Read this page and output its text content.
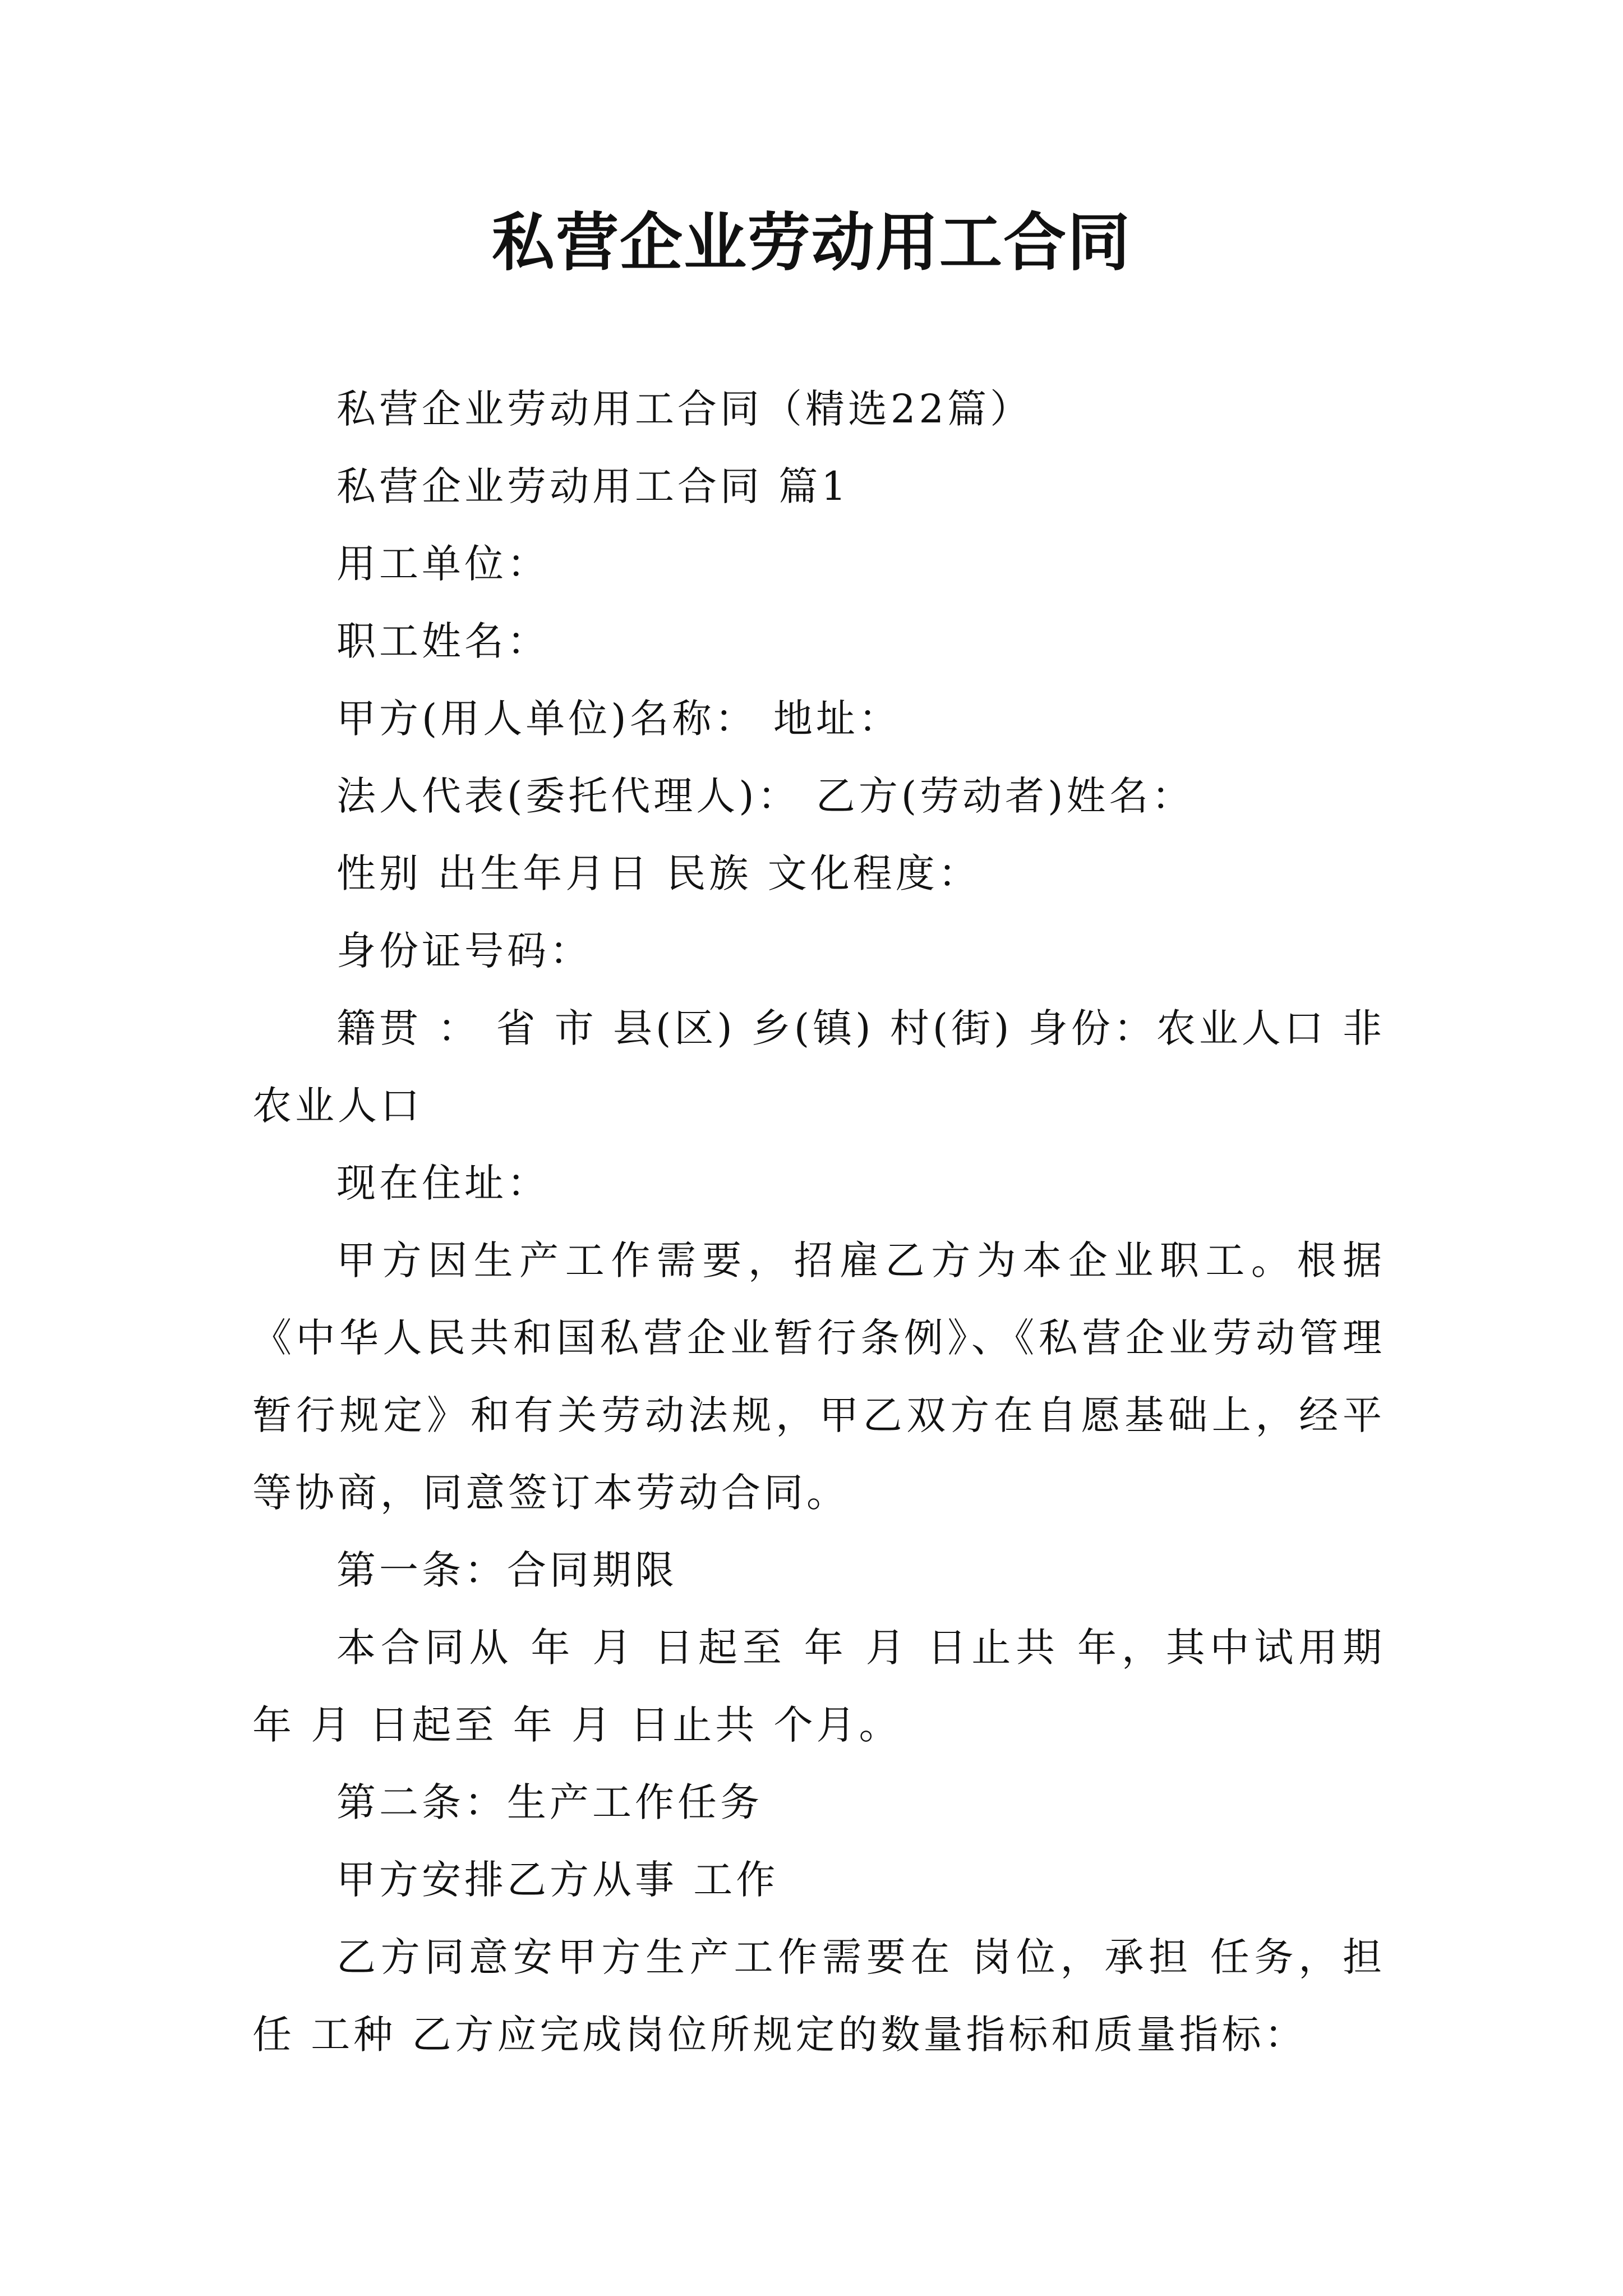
私营企业劳动用工合同

私营企业劳动用工合同（精选22篇）

私营企业劳动用工合同 篇1

用工单位：

职工姓名：

甲方(用人单位)名称： 地址：

法人代表(委托代理人)： 乙方(劳动者)姓名：

性别 出生年月日 民族 文化程度：

身份证号码：

籍贯 ： 省 市 县(区) 乡(镇) 村(街) 身份：农业人口 非农业人口

现在住址：

甲方因生产工作需要，招雇乙方为本企业职工。根据《中华人民共和国私营企业暂行条例》、《私营企业劳动管理暂行规定》和有关劳动法规，甲乙双方在自愿基础上，经平等协商，同意签订本劳动合同。

第一条：合同期限

本合同从 年 月 日起至 年 月 日止共 年，其中试用期 年 月 日起至 年 月 日止共 个月。

第二条：生产工作任务

甲方安排乙方从事 工作

乙方同意安甲方生产工作需要在 岗位，承担 任务，担任 工种 乙方应完成岗位所规定的数量指标和质量指标：
